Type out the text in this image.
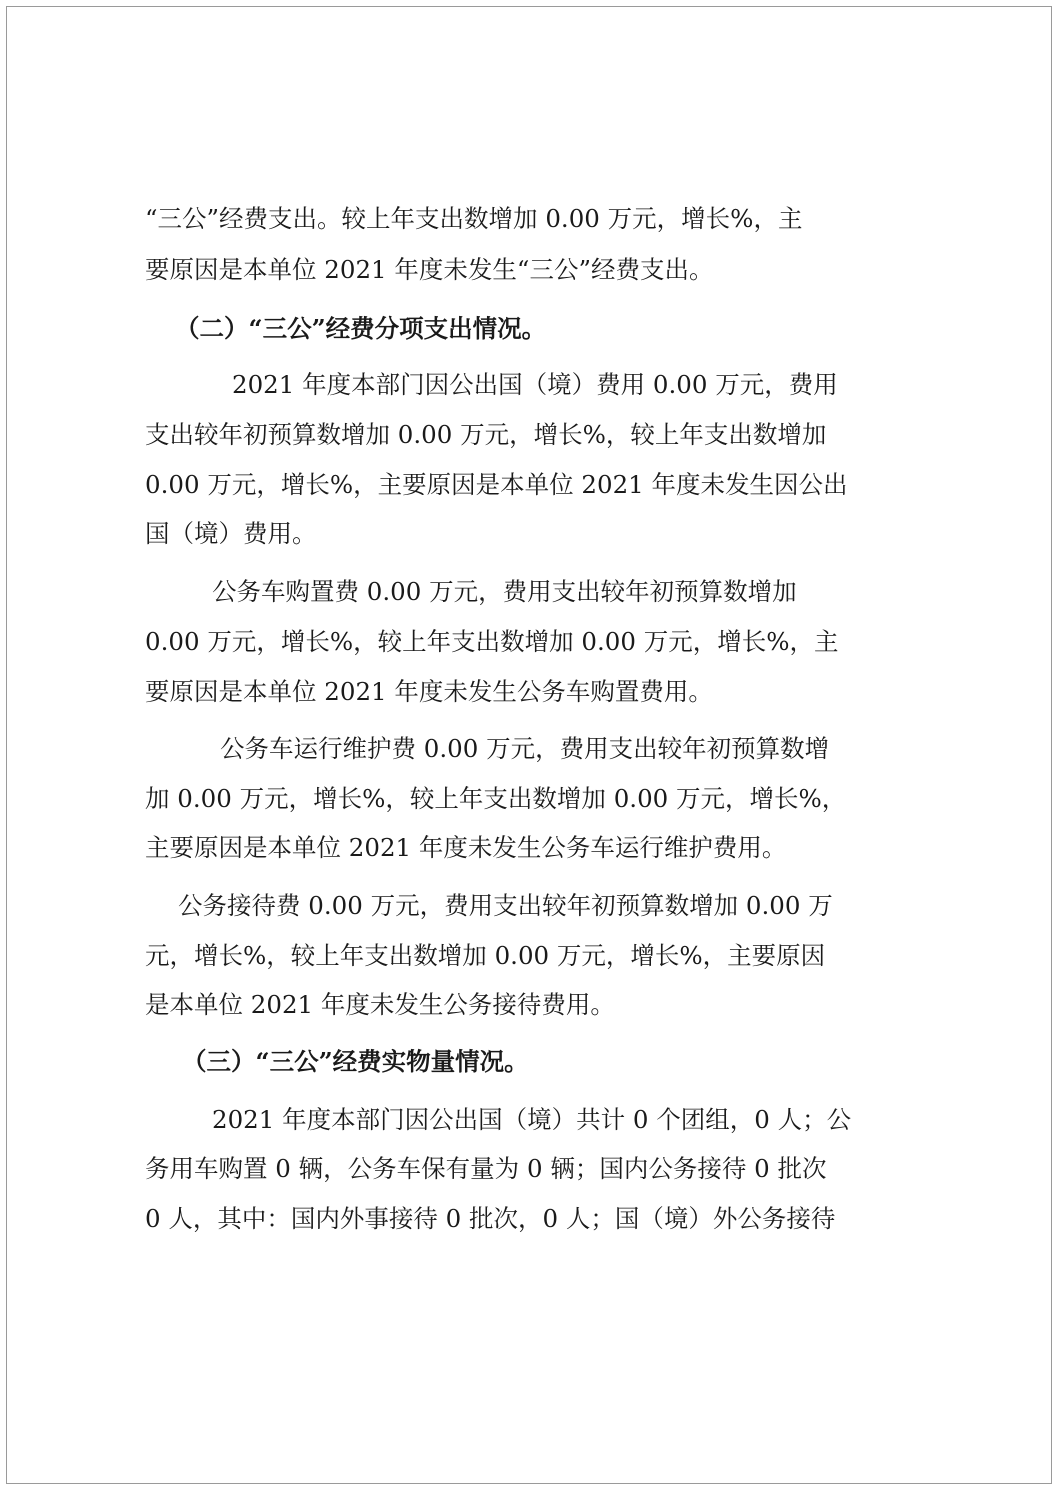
“三公”经费支出。较上年支出数增加 0.00 万元，增长%，主
要原因是本单位 2021 年度未发生“三公”经费支出。
（二）“三公”经费分项支出情况。
2021 年度本部门因公出国（境）费用 0.00 万元，费用
支出较年初预算数增加 0.00 万元，增长%，较上年支出数增加
0.00 万元，增长%，主要原因是本单位 2021 年度未发生因公出
国（境）费用。
公务车购置费 0.00 万元，费用支出较年初预算数增加
0.00 万元，增长%，较上年支出数增加 0.00 万元，增长%，主
要原因是本单位 2021 年度未发生公务车购置费用。
公务车运行维护费 0.00 万元，费用支出较年初预算数增
加 0.00 万元，增长%，较上年支出数增加 0.00 万元，增长%，
主要原因是本单位 2021 年度未发生公务车运行维护费用。
公务接待费 0.00 万元，费用支出较年初预算数增加 0.00 万
元，增长%，较上年支出数增加 0.00 万元，增长%，主要原因
是本单位 2021 年度未发生公务接待费用。
（三）“三公”经费实物量情况。
2021 年度本部门因公出国（境）共计 0 个团组，0 人；公
务用车购置 0 辆，公务车保有量为 0 辆；国内公务接待 0 批次
0 人，其中：国内外事接待 0 批次，0 人；国（境）外公务接待
